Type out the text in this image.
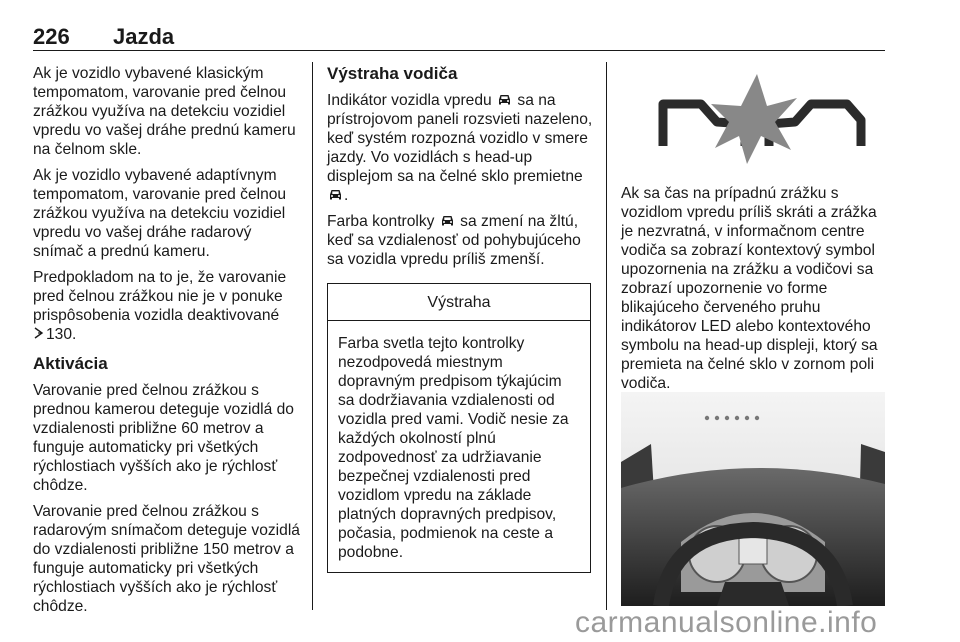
226 Jazda

Ak je vozidlo vybavené klasickým tempomatom, varovanie pred čelnou zrážkou využíva na detekciu vozidiel vpredu vo vašej dráhe prednú kameru na čelnom skle.

Ak je vozidlo vybavené adaptívnym tempomatom, varovanie pred čelnou zrážkou využíva na detekciu vozidiel vpredu vo vašej dráhe radarový snímač a prednú kameru.

Predpokladom na to je, že varovanie pred čelnou zrážkou nie je v ponuke prispôsobenia vozidla deaktivované
130.

Aktivácia

Varovanie pred čelnou zrážkou s prednou kamerou deteguje vozidlá do vzdialenosti približne 60 metrov a funguje automaticky pri všetkých rýchlostiach vyšších ako je rýchlosť chôdze.

Varovanie pred čelnou zrážkou s radarovým snímačom deteguje vozidlá do vzdialenosti približne 150 metrov a funguje automaticky pri všetkých rýchlostiach vyšších ako je rýchlosť chôdze.

Výstraha vodiča

Indikátor vozidla vpredu sa na prístrojovom paneli rozsvieti nazeleno, keď systém rozpozná vozidlo v smere jazdy. Vo vozidlách s head-up displejom sa na čelné sklo premietne .

Farba kontrolky sa zmení na žltú, keď sa vzdialenosť od pohybujúceho sa vozidla vpredu príliš zmenší.

Výstraha
Farba svetla tejto kontrolky nezodpovedá miestnym dopravným predpisom týkajúcim sa dodržiavania vzdialenosti od vozidla pred vami. Vodič nesie za každých okolností plnú zodpovednosť za udržiavanie bezpečnej vzdialenosti pred vozidlom vpredu na základe platných dopravných predpisov, počasia, podmienok na ceste a podobne.

Ak sa čas na prípadnú zrážku s vozidlom vpredu príliš skráti a zrážka je nezvratná, v informačnom centre vodiča sa zobrazí kontextový symbol upozornenia na zrážku a vodičovi sa zobrazí upozornenie vo forme blikajúceho červeného pruhu indikátorov LED alebo kontextového symbolu na head-up displeji, ktorý sa premieta na čelné sklo v zornom poli vodiča.

carmanualsonline.info
